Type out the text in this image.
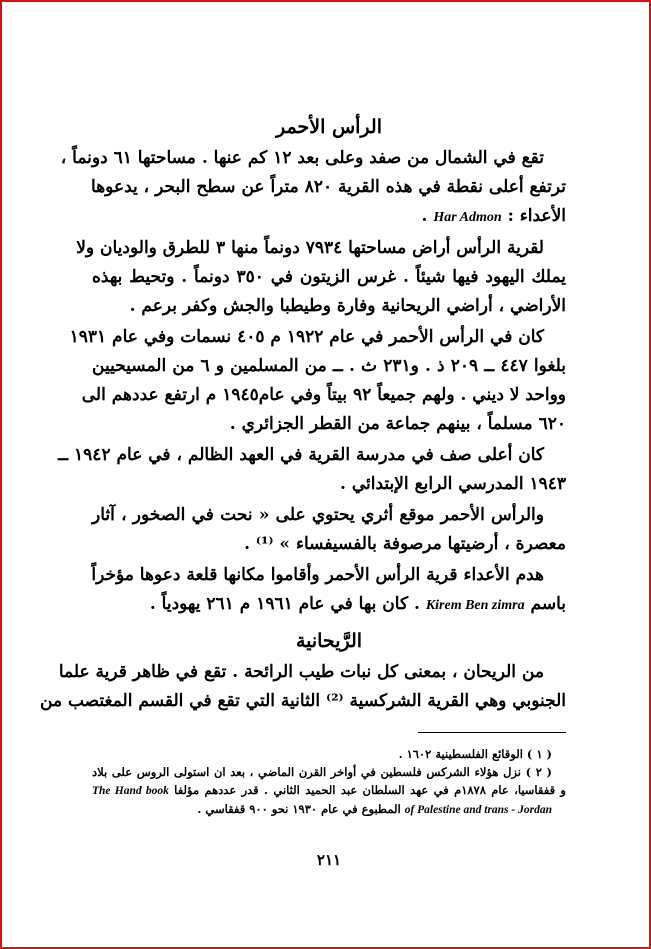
الرأس الأحمر
تقع في الشمال من صفد وعلى بعد ١٢ كم عنها . مساحتها ٦١ دونماً ،
ترتفع أعلى نقطة في هذه القرية ٨٢٠ متراً عن سطح البحر ، يدعوها
الأعداء : Har Admon .
لقرية الرأس أراض مساحتها ٧٩٣٤ دونماً منها ٣ للطرق والوديان ولا
يملك اليهود فيها شيئاً . غرس الزيتون في ٣٥٠ دونماً . وتحيط بهذه
الأراضي ، أراضي الريحانية وفارة وطيطبا والجش وكفر برعم .
كان في الرأس الأحمر في عام ١٩٢٢ م ٤٠٥ نسمات وفي عام ١٩٣١
بلغوا ٤٤٧ ــ ٢٠٩ ذ . و٢٣١ ث . ــ من المسلمين و ٦ من المسيحيين
وواحد لا ديني . ولهم جميعاً ٩٢ بيتاً وفي عام١٩٤٥ م ارتفع عددهم الى
٦٢٠ مسلماً ، بينهم جماعة من القطر الجزائري .
كان أعلى صف في مدرسة القرية في العهد الظالم ، في عام ١٩٤٢ ــ
١٩٤٣ المدرسي الرابع الإبتدائي .
والرأس الأحمر موقع أثري يحتوي على « نحت في الصخور ، آثار
معصرة ، أرضيتها مرصوفة بالفسيفساء » ⁽¹⁾ .
هدم الأعداء قرية الرأس الأحمر وأقاموا مكانها قلعة دعوها مؤخراً
باسم Kirem Ben zimra . كان بها في عام ١٩٦١ م ٢٦١ يهودياً .
الرَّيحانية
من الريحان ، بمعنى كل نبات طيب الرائحة . تقع في ظاهر قرية علما
الجنوبي وهي القرية الشركسية ⁽²⁾ الثانية التي تقع في القسم المغتصب من
( ١ ) الوقائع الفلسطينية ١٦٠٢ .
( ٢ ) نزل هؤلاء الشركس فلسطين في أواخر القرن الماضي ، بعد ان استولى الروس على بلاد
و قفقاسيا، عام ١٨٧٨م في عهد السلطان عبد الحميد الثاني . قدر عددهم مؤلفا The Hand book
of Palestine and trans - Jordan المطبوع في عام ١٩٣٠ نحو ٩٠٠ قفقاسي .
٢١١
